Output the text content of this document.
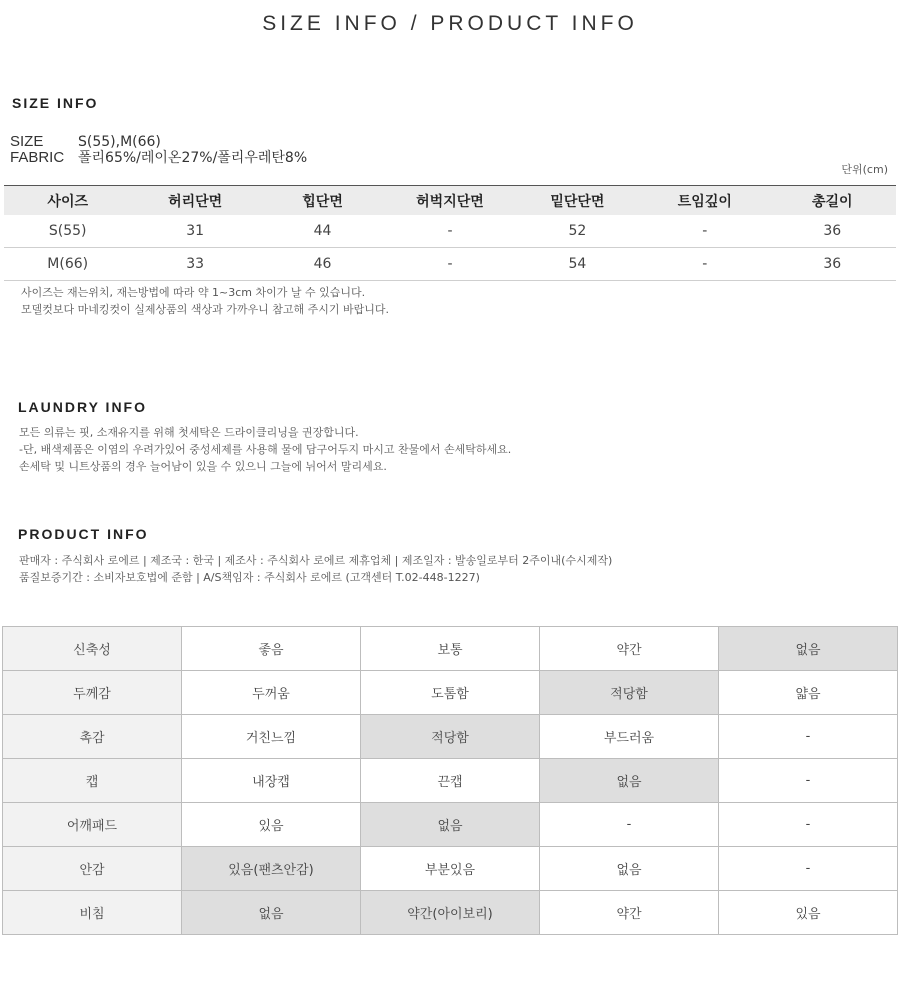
SIZE INFO / PRODUCT INFO
SIZE INFO
SIZE S(55),M(66)
FABRIC 폴리65%/레이온27%/폴리우레탄8%
단위(cm)
사이즈	허리단면	힙단면	허벅지단면	밑단단면	트임깊이	총길이
S(55)	31	44	-	52	-	36
M(66)	33	46	-	54	-	36
사이즈는 재는위치, 재는방법에 따라 약 1~3cm 차이가 날 수 있습니다.
모델컷보다 마네킹컷이 실제상품의 색상과 가까우니 참고해 주시기 바랍니다.
LAUNDRY INFO
모든 의류는 핏, 소재유지를 위해 첫세탁은 드라이클리닝을 권장합니다.
-단, 배색제품은 이염의 우려가있어 중성세제를 사용해 물에 담구어두지 마시고 찬물에서 손세탁하세요.
손세탁 및 니트상품의 경우 늘어남이 있을 수 있으니 그늘에 뉘어서 말리세요.
PRODUCT INFO
판매자 : 주식회사 로에르 | 제조국 : 한국 | 제조사 : 주식회사 로에르 제휴업체 | 제조일자 : 발송일로부터 2주이내(수시제작)
품질보증기간 : 소비자보호법에 준함 | A/S책임자 : 주식회사 로에르 (고객센터 T.02-448-1227)
신축성	좋음	보통	약간	없음
두께감	두꺼움	도톰함	적당함	얇음
촉감	거친느낌	적당함	부드러움	-
캡	내장캡	끈캡	없음	-
어깨패드	있음	없음	-	-
안감	있음(팬츠안감)	부분있음	없음	-
비침	없음	약간(아이보리)	약간	있음
